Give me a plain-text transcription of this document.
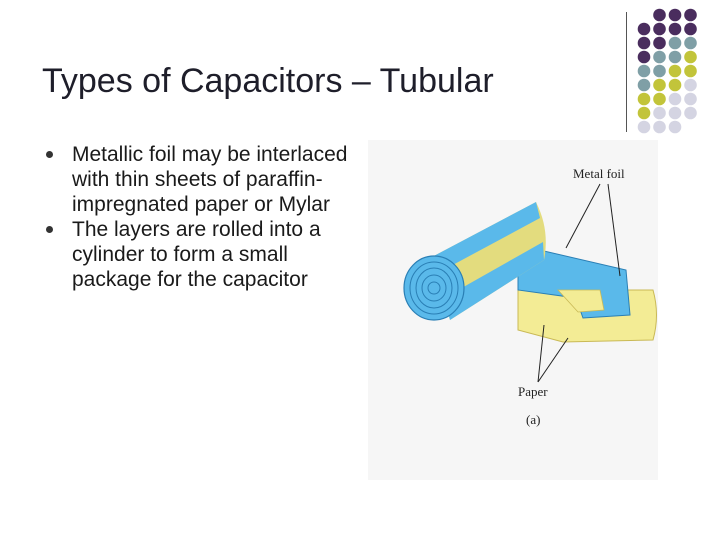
Types of Capacitors – Tubular
Metallic foil may be interlaced with thin sheets of paraffin-impregnated paper or Mylar
The layers are rolled into a cylinder to form a small package for the capacitor
Metal foil
Paper
(a)
